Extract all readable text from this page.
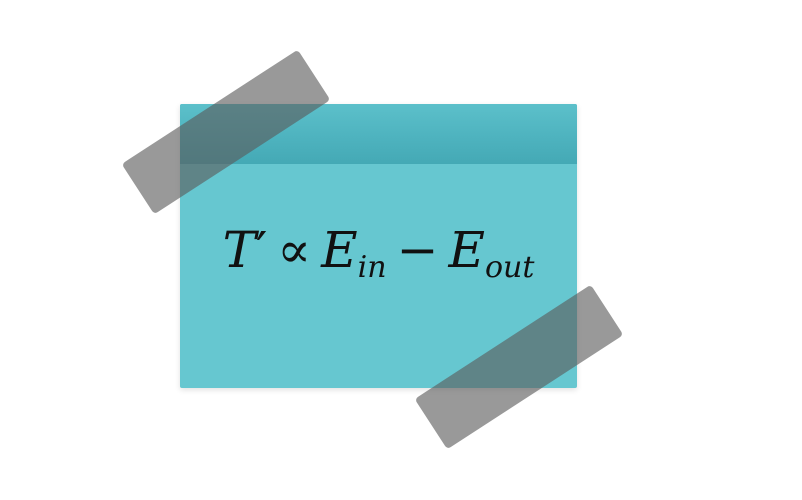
$T' \propto E_{in} - E_{out}$
